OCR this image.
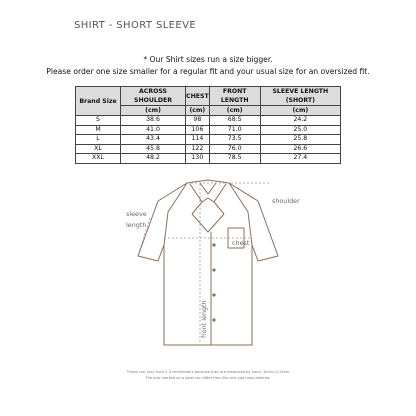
SHIRT - SHORT SLEEVE
* Our Shirt sizes run a size bigger.
Please order one size smaller for a regular fit and your usual size for an oversized fit.
Brand Size	ACROSS SHOULDER	CHEST	FRONT LENGTH	SLEEVE LENGTH (SHORT)
	(cm)	(cm)	(cm)	(cm)
S	38.6	98	68.5	24.2
M	41.0	106	71.0	25.0
L	43.4	114	73.5	25.8
XL	45.8	122	76.0	26.6
XXL	48.2	130	78.5	27.4
shoulder
sleeve
length
chest
front length
*Sizes can vary from 2-3 centimeters because they are measured by hand. 1inch=2.54cm
The size marked on a label can differ from the one you have ordered.
